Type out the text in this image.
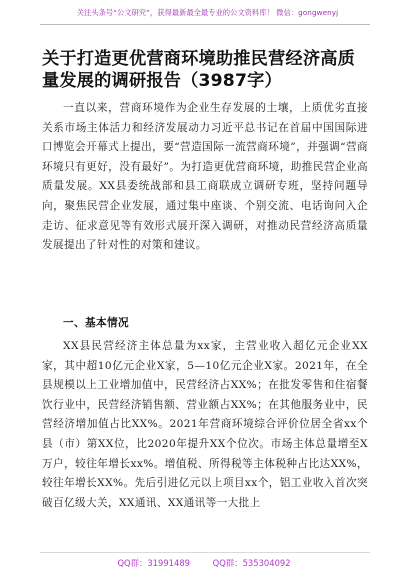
关注头条号“公文研究”，获得最新最全最专业的公文资料库！ 微信：gongwenyj
关于打造更优营商环境助推民营经济高质量发展的调研报告（3987字）

一直以来，营商环境作为企业生存发展的土壤，上质优劣直接关系市场主体活力和经济发展动力习近平总书记在首届中国国际进口博览会开幕式上提出，要“营造国际一流营商环境”，并强调“营商环境只有更好，没有最好”。为打造更优营商环境，助推民营企业高质量发展。XX县委统战部和县工商联成立调研专班，坚持问题导向，聚焦民营企业发展，通过集中座谈、个别交流、电话询问入企走访、征求意见等有效形式展开深入调研，对推动民营经济高质量发展提出了针对性的对策和建议。

一、基本情况

XX县民营经济主体总量为xx家，主营业收入超亿元企业XX家，其中超10亿元企业X家，5—10亿元企业X家。2021年，在全县规模以上工业增加值中，民营经济占XX%；在批发零售和住宿餐饮行业中，民营经济销售额、营业额占XX%；在其他服务业中，民营经济增加值占比XX%。2021年营商环境综合评价位居全省xx个县（市）第XX位，比2020年提升XX个位次。市场主体总量增至X万户，较往年增长xx%。增值税、所得税等主体税种占比达XX%，较往年增长XX%。先后引进亿元以上项目xx个，铝工业收入首次突破百亿级大关，XX通讯、XX通讯等一大批上

QQ群：31991489	QQ群：535304092
